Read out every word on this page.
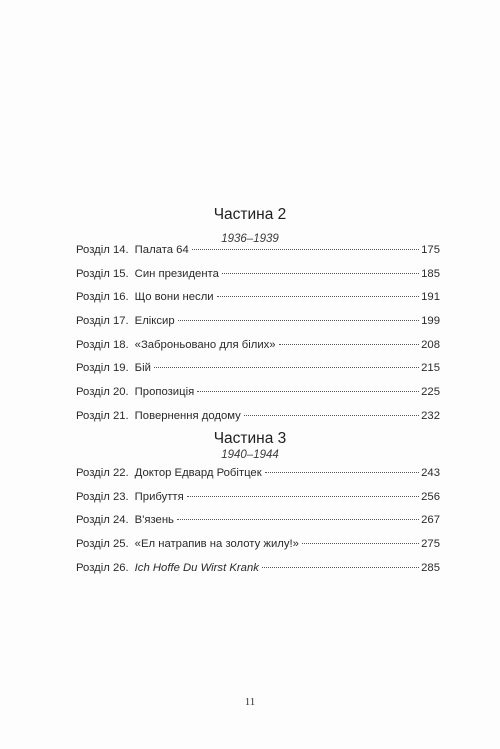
Частина 2
1936–1939
Розділ 14. Палата 64	175
Розділ 15. Син президента	185
Розділ 16. Що вони несли	191
Розділ 17. Еліксир	199
Розділ 18. «Заброньовано для білих»	208
Розділ 19. Бій	215
Розділ 20. Пропозиція	225
Розділ 21. Повернення додому	232
Частина 3
1940–1944
Розділ 22. Доктор Едвард Робітцек	243
Розділ 23. Прибуття	256
Розділ 24. В'язень	267
Розділ 25. «Ел натрапив на золоту жилу!»	275
Розділ 26. Ich Hoffe Du Wirst Krank	285
11
